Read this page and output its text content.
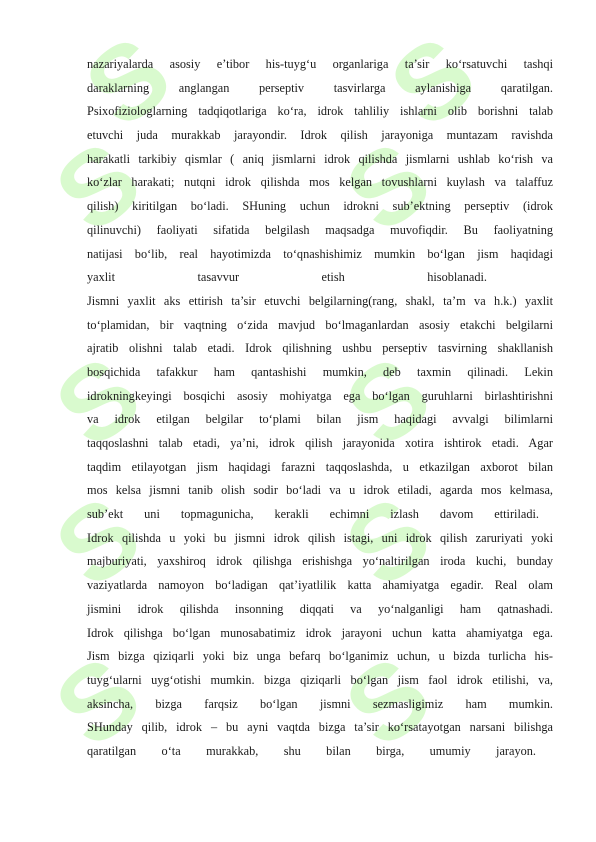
S S
S S
S S
S S
S S
nazariyalarda asosiy e’tibor his-tuyg‘u organlariga ta’sir ko‘rsatuvchi tashqi
daraklarning anglangan perseptiv tasvirlarga aylanishiga qaratilgan.
Psixofiziologlarning tadqiqotlariga ko‘ra, idrok tahliliy ishlarni olib borishni talab
etuvchi juda murakkab jarayondir. Idrok qilish jarayoniga muntazam ravishda
harakatli tarkibiy qismlar ( aniq jismlarni idrok qilishda jismlarni ushlab ko‘rish va
ko‘zlar harakati; nutqni idrok qilishda mos kelgan tovushlarni kuylash va talaffuz
qilish) kiritilgan bo‘ladi. SHuning uchun idrokni sub’ektning perseptiv (idrok
qilinuvchi) faoliyati sifatida belgilash maqsadga muvofiqdir. Bu faoliyatning
natijasi bo‘lib, real hayotimizda to‘qnashishimiz mumkin bo‘lgan jism haqidagi
yaxlit tasavvur etish hisoblanadi.
Jismni yaxlit aks ettirish ta’sir etuvchi belgilarning(rang, shakl, ta’m va h.k.) yaxlit
to‘plamidan, bir vaqtning o‘zida mavjud bo‘lmaganlardan asosiy etakchi belgilarni
ajratib olishni talab etadi. Idrok qilishning ushbu perseptiv tasvirning shakllanish
bosqichida tafakkur ham qantashishi mumkin, deb taxmin qilinadi. Lekin
idrokningkeyingi bosqichi asosiy mohiyatga ega bo‘lgan guruhlarni birlashtirishni
va idrok etilgan belgilar to‘plami bilan jism haqidagi avvalgi bilimlarni
taqqoslashni talab etadi, ya’ni, idrok qilish jarayonida xotira ishtirok etadi. Agar
taqdim etilayotgan jism haqidagi farazni taqqoslashda, u etkazilgan axborot bilan
mos kelsa jismni tanib olish sodir bo‘ladi va u idrok etiladi, agarda mos kelmasa,
sub’ekt uni topmagunicha, kerakli echimni izlash davom ettiriladi.
Idrok qilishda u yoki bu jismni idrok qilish istagi, uni idrok qilish zaruriyati yoki
majburiyati, yaxshiroq idrok qilishga erishishga yo‘naltirilgan iroda kuchi, bunday
vaziyatlarda namoyon bo‘ladigan qat’iyatlilik katta ahamiyatga egadir. Real olam
jismini idrok qilishda insonning diqqati va yo‘nalganligi ham qatnashadi.
Idrok qilishga bo‘lgan munosabatimiz idrok jarayoni uchun katta ahamiyatga ega.
Jism bizga qiziqarli yoki biz unga befarq bo‘lganimiz uchun, u bizda turlicha his-
tuyg‘ularni uyg‘otishi mumkin. bizga qiziqarli bo‘lgan jism faol idrok etilishi, va,
aksincha, bizga farqsiz bo‘lgan jismni sezmasligimiz ham mumkin.
SHunday qilib, idrok – bu ayni vaqtda bizga ta’sir ko‘rsatayotgan narsani bilishga
qaratilgan o‘ta murakkab, shu bilan birga, umumiy jarayon.
